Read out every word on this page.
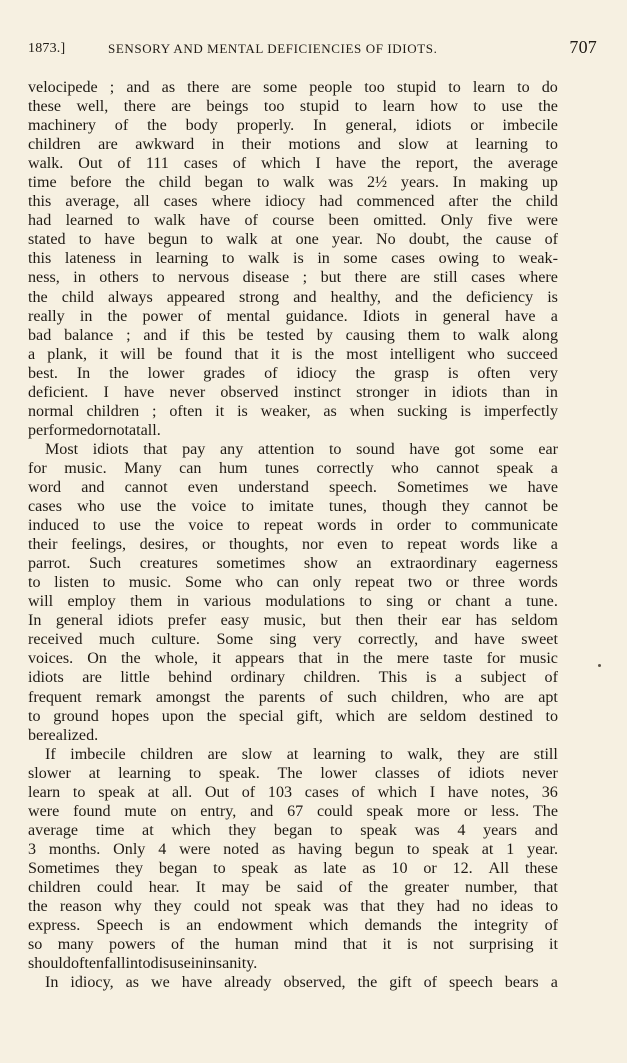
1873.]	SENSORY AND MENTAL DEFICIENCIES OF IDIOTS.	707
velocipede ; and as there are some people too stupid to learn to do
these well, there are beings too stupid to learn how to use the
machinery of the body properly. In general, idiots or imbecile
children are awkward in their motions and slow at learning to
walk. Out of 111 cases of which I have the report, the average
time before the child began to walk was 2½ years. In making up
this average, all cases where idiocy had commenced after the child
had learned to walk have of course been omitted. Only five were
stated to have begun to walk at one year. No doubt, the cause of
this lateness in learning to walk is in some cases owing to weak-
ness, in others to nervous disease ; but there are still cases where
the child always appeared strong and healthy, and the deficiency is
really in the power of mental guidance. Idiots in general have a
bad balance ; and if this be tested by causing them to walk along
a plank, it will be found that it is the most intelligent who succeed
best. In the lower grades of idiocy the grasp is often very
deficient. I have never observed instinct stronger in idiots than in
normal children ; often it is weaker, as when sucking is imperfectly
performed or not at all.
Most idiots that pay any attention to sound have got some ear
for music. Many can hum tunes correctly who cannot speak a
word and cannot even understand speech. Sometimes we have
cases who use the voice to imitate tunes, though they cannot be
induced to use the voice to repeat words in order to communicate
their feelings, desires, or thoughts, nor even to repeat words like a
parrot. Such creatures sometimes show an extraordinary eagerness
to listen to music. Some who can only repeat two or three words
will employ them in various modulations to sing or chant a tune.
In general idiots prefer easy music, but then their ear has seldom
received much culture. Some sing very correctly, and have sweet
voices. On the whole, it appears that in the mere taste for music
idiots are little behind ordinary children. This is a subject of
frequent remark amongst the parents of such children, who are apt
to ground hopes upon the special gift, which are seldom destined to
be realized.
If imbecile children are slow at learning to walk, they are still
slower at learning to speak. The lower classes of idiots never
learn to speak at all. Out of 103 cases of which I have notes, 36
were found mute on entry, and 67 could speak more or less. The
average time at which they began to speak was 4 years and
3 months. Only 4 were noted as having begun to speak at 1 year.
Sometimes they began to speak as late as 10 or 12. All these
children could hear. It may be said of the greater number, that
the reason why they could not speak was that they had no ideas to
express. Speech is an endowment which demands the integrity of
so many powers of the human mind that it is not surprising it
should often fall into disuse in insanity.
In idiocy, as we have already observed, the gift of speech bears a
